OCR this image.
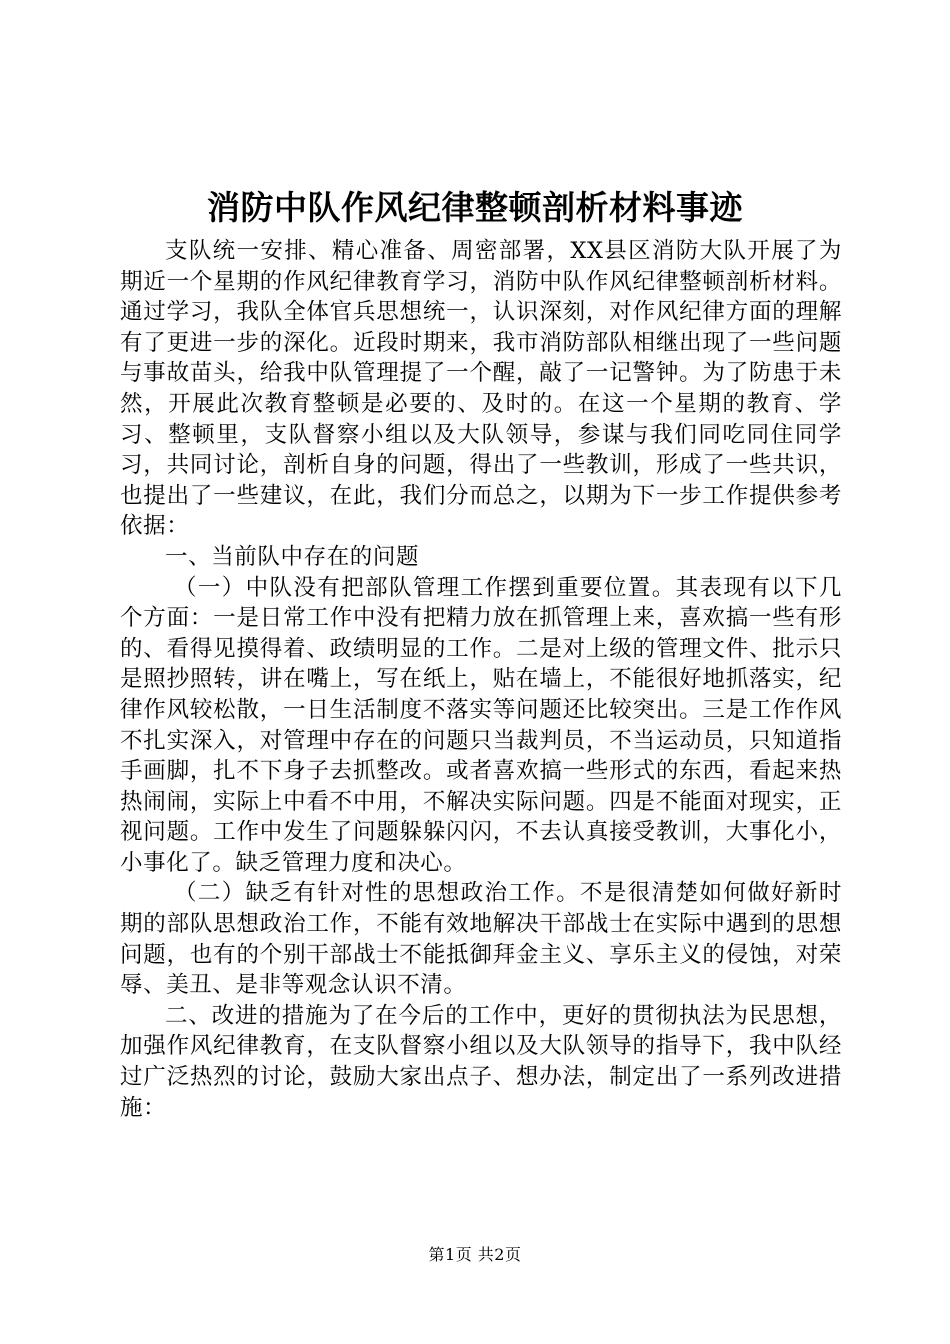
消防中队作风纪律整顿剖析材料事迹

支队统一安排、精心准备、周密部署，XX县区消防大队开展了为期近一个星期的作风纪律教育学习，消防中队作风纪律整顿剖析材料。通过学习，我队全体官兵思想统一，认识深刻，对作风纪律方面的理解有了更进一步的深化。近段时期来，我市消防部队相继出现了一些问题与事故苗头，给我中队管理提了一个醒，敲了一记警钟。为了防患于未然，开展此次教育整顿是必要的、及时的。在这一个星期的教育、学习、整顿里，支队督察小组以及大队领导，参谋与我们同吃同住同学习，共同讨论，剖析自身的问题，得出了一些教训，形成了一些共识，也提出了一些建议，在此，我们分而总之，以期为下一步工作提供参考依据：

一、当前队中存在的问题

（一）中队没有把部队管理工作摆到重要位置。其表现有以下几个方面：一是日常工作中没有把精力放在抓管理上来，喜欢搞一些有形的、看得见摸得着、政绩明显的工作。二是对上级的管理文件、批示只是照抄照转，讲在嘴上，写在纸上，贴在墙上，不能很好地抓落实，纪律作风较松散，一日生活制度不落实等问题还比较突出。三是工作作风不扎实深入，对管理中存在的问题只当裁判员，不当运动员，只知道指手画脚，扎不下身子去抓整改。或者喜欢搞一些形式的东西，看起来热热闹闹，实际上中看不中用，不解决实际问题。四是不能面对现实，正视问题。工作中发生了问题躲躲闪闪，不去认真接受教训，大事化小，小事化了。缺乏管理力度和决心。

（二）缺乏有针对性的思想政治工作。不是很清楚如何做好新时期的部队思想政治工作，不能有效地解决干部战士在实际中遇到的思想问题，也有的个别干部战士不能抵御拜金主义、享乐主义的侵蚀，对荣辱、美丑、是非等观念认识不清。

二、改进的措施为了在今后的工作中，更好的贯彻执法为民思想，加强作风纪律教育，在支队督察小组以及大队领导的指导下，我中队经过广泛热烈的讨论，鼓励大家出点子、想办法，制定出了一系列改进措施：

第1页 共2页
